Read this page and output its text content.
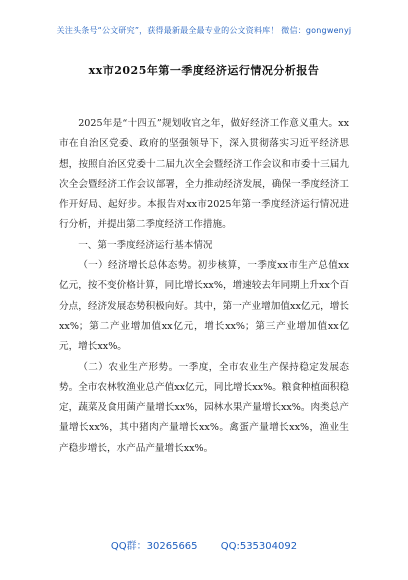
关注头条号“公文研究”，获得最新最全最专业的公文资料库！ 微信：gongwenyj
xx市2025年第一季度经济运行情况分析报告

2025年是“十四五”规划收官之年，做好经济工作意义重大。xx市在自治区党委、政府的坚强领导下，深入贯彻落实习近平经济思想，按照自治区党委十二届九次全会暨经济工作会议和市委十三届九次全会暨经济工作会议部署，全力推动经济发展，确保一季度经济工作开好局、起好步。本报告对xx市2025年第一季度经济运行情况进行分析，并提出第二季度经济工作措施。

一、第一季度经济运行基本情况

（一）经济增长总体态势。初步核算，一季度xx市生产总值xx亿元，按不变价格计算，同比增长xx%，增速较去年同期上升xx个百分点，经济发展态势积极向好。其中，第一产业增加值xx亿元，增长xx%；第二产业增加值xx亿元，增长xx%；第三产业增加值xx亿元，增长xx%。

（二）农业生产形势。一季度，全市农业生产保持稳定发展态势。全市农林牧渔业总产值xx亿元，同比增长xx%。粮食种植面积稳定，蔬菜及食用菌产量增长xx%，园林水果产量增长xx%。肉类总产量增长xx%，其中猪肉产量增长xx%。禽蛋产量增长xx%，渔业生产稳步增长，水产品产量增长xx%。

QQ群：30265665 QQ:535304092
